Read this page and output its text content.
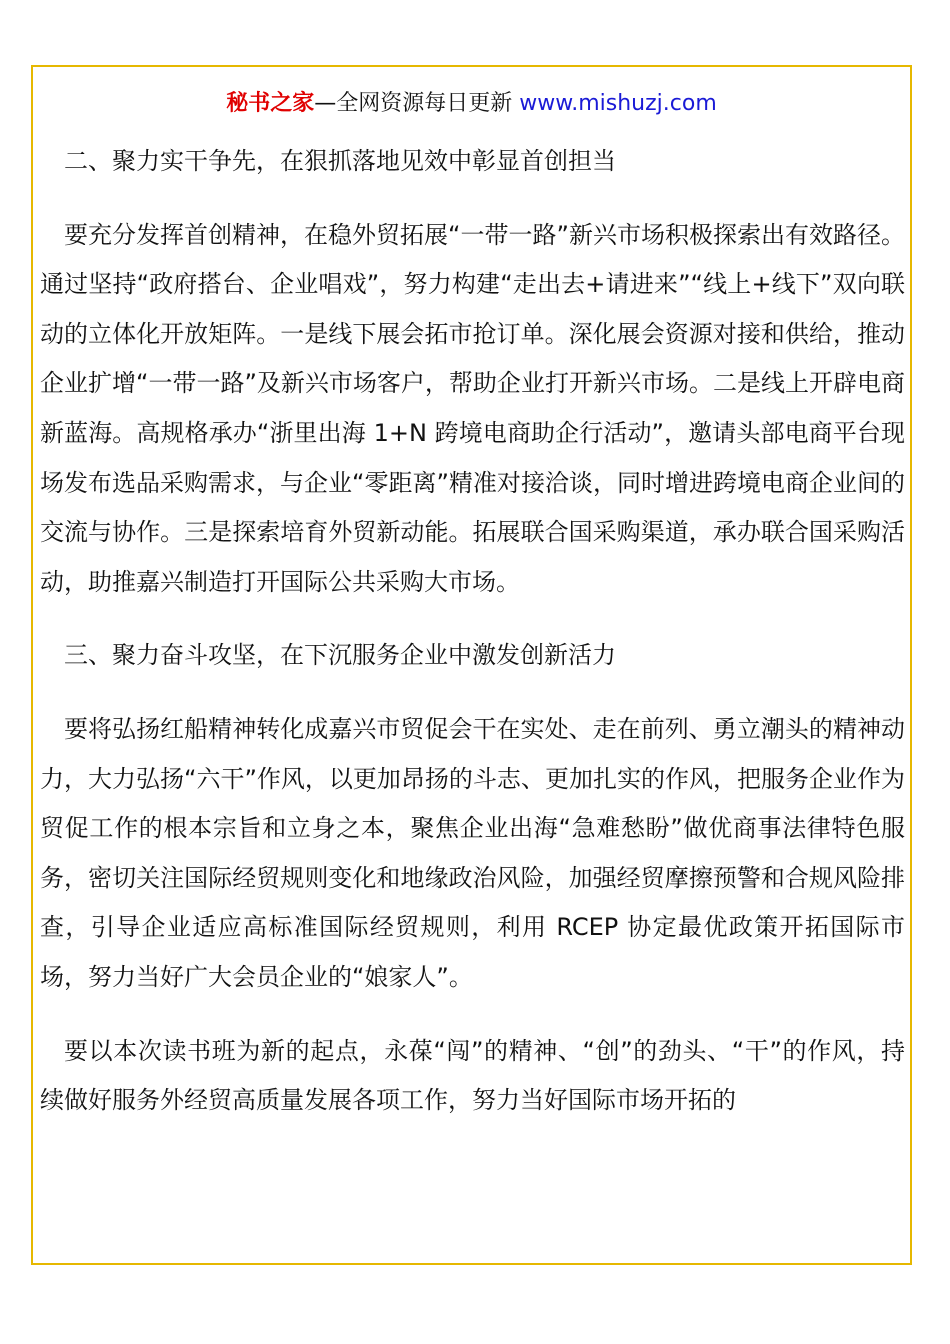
秘书之家—全网资源每日更新 www.mishuzj.com

二、聚力实干争先，在狠抓落地见效中彰显首创担当

要充分发挥首创精神，在稳外贸拓展“一带一路”新兴市场积极探索出有效路径。通过坚持“政府搭台、企业唱戏”，努力构建“走出去+请进来”“线上+线下”双向联动的立体化开放矩阵。一是线下展会拓市抢订单。深化展会资源对接和供给，推动企业扩增“一带一路”及新兴市场客户，帮助企业打开新兴市场。二是线上开辟电商新蓝海。高规格承办“浙里出海 1+N 跨境电商助企行活动”，邀请头部电商平台现场发布选品采购需求，与企业“零距离”精准对接洽谈，同时增进跨境电商企业间的交流与协作。三是探索培育外贸新动能。拓展联合国采购渠道，承办联合国采购活动，助推嘉兴制造打开国际公共采购大市场。

三、聚力奋斗攻坚，在下沉服务企业中激发创新活力

要将弘扬红船精神转化成嘉兴市贸促会干在实处、走在前列、勇立潮头的精神动力，大力弘扬“六干”作风，以更加昂扬的斗志、更加扎实的作风，把服务企业作为贸促工作的根本宗旨和立身之本，聚焦企业出海“急难愁盼”做优商事法律特色服务，密切关注国际经贸规则变化和地缘政治风险，加强经贸摩擦预警和合规风险排查，引导企业适应高标准国际经贸规则，利用 RCEP 协定最优政策开拓国际市场，努力当好广大会员企业的“娘家人”。

要以本次读书班为新的起点，永葆“闯”的精神、“创”的劲头、“干”的作风，持续做好服务外经贸高质量发展各项工作，努力当好国际市场开拓的
